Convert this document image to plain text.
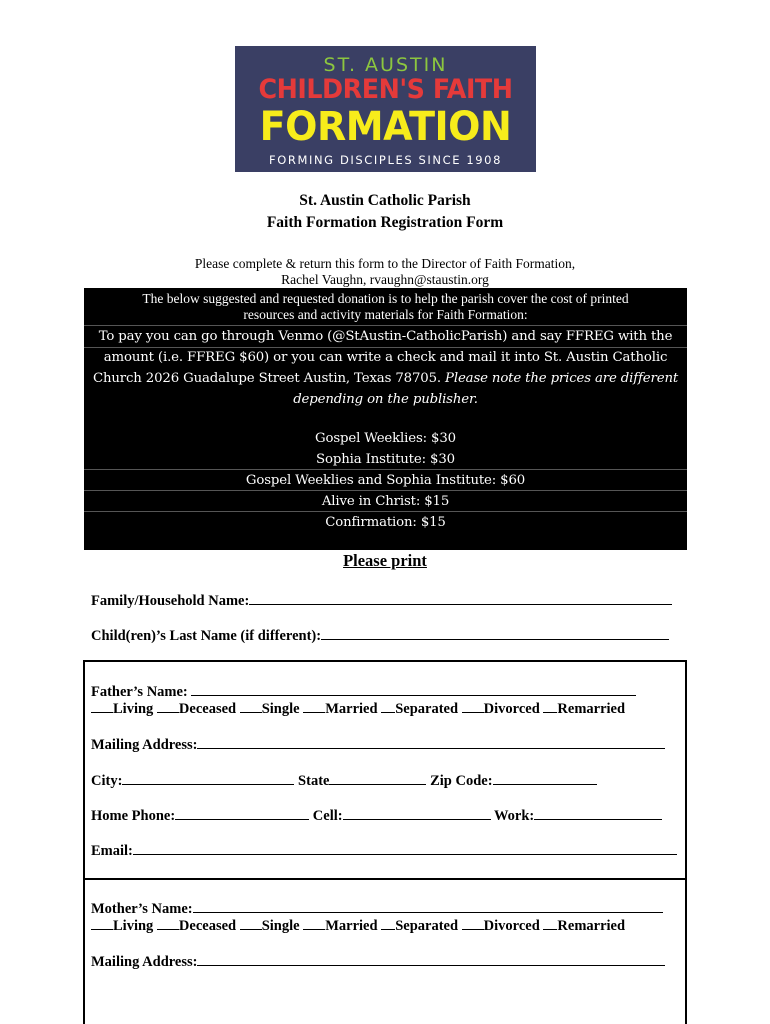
ST. AUSTIN
CHILDREN'S FAITH
FORMATION
FORMING DISCIPLES SINCE 1908
St. Austin Catholic Parish
Faith Formation Registration Form
Please complete & return this form to the Director of Faith Formation,
Rachel Vaughn, rvaughn@staustin.org
The below suggested and requested donation is to help the parish cover the cost of printed
resources and activity materials for Faith Formation:
To pay you can go through Venmo (@StAustin-CatholicParish) and say FFREG with the
amount (i.e. FFREG $60) or you can write a check and mail it into St. Austin Catholic
Church 2026 Guadalupe Street Austin, Texas 78705. Please note the prices are different
depending on the publisher.
Gospel Weeklies: $30
Sophia Institute: $30
Gospel Weeklies and Sophia Institute: $60
Alive in Christ: $15
Confirmation: $15
Please print
Family/Household Name:
Child(ren)’s Last Name (if different):
Father’s Name:
Living Deceased Single Married Separated Divorced Remarried
Mailing Address:
City:	State	Zip Code:
Home Phone:	Cell:	Work:
Email:
Mother’s Name:
Living Deceased Single Married Separated Divorced Remarried
Mailing Address:
